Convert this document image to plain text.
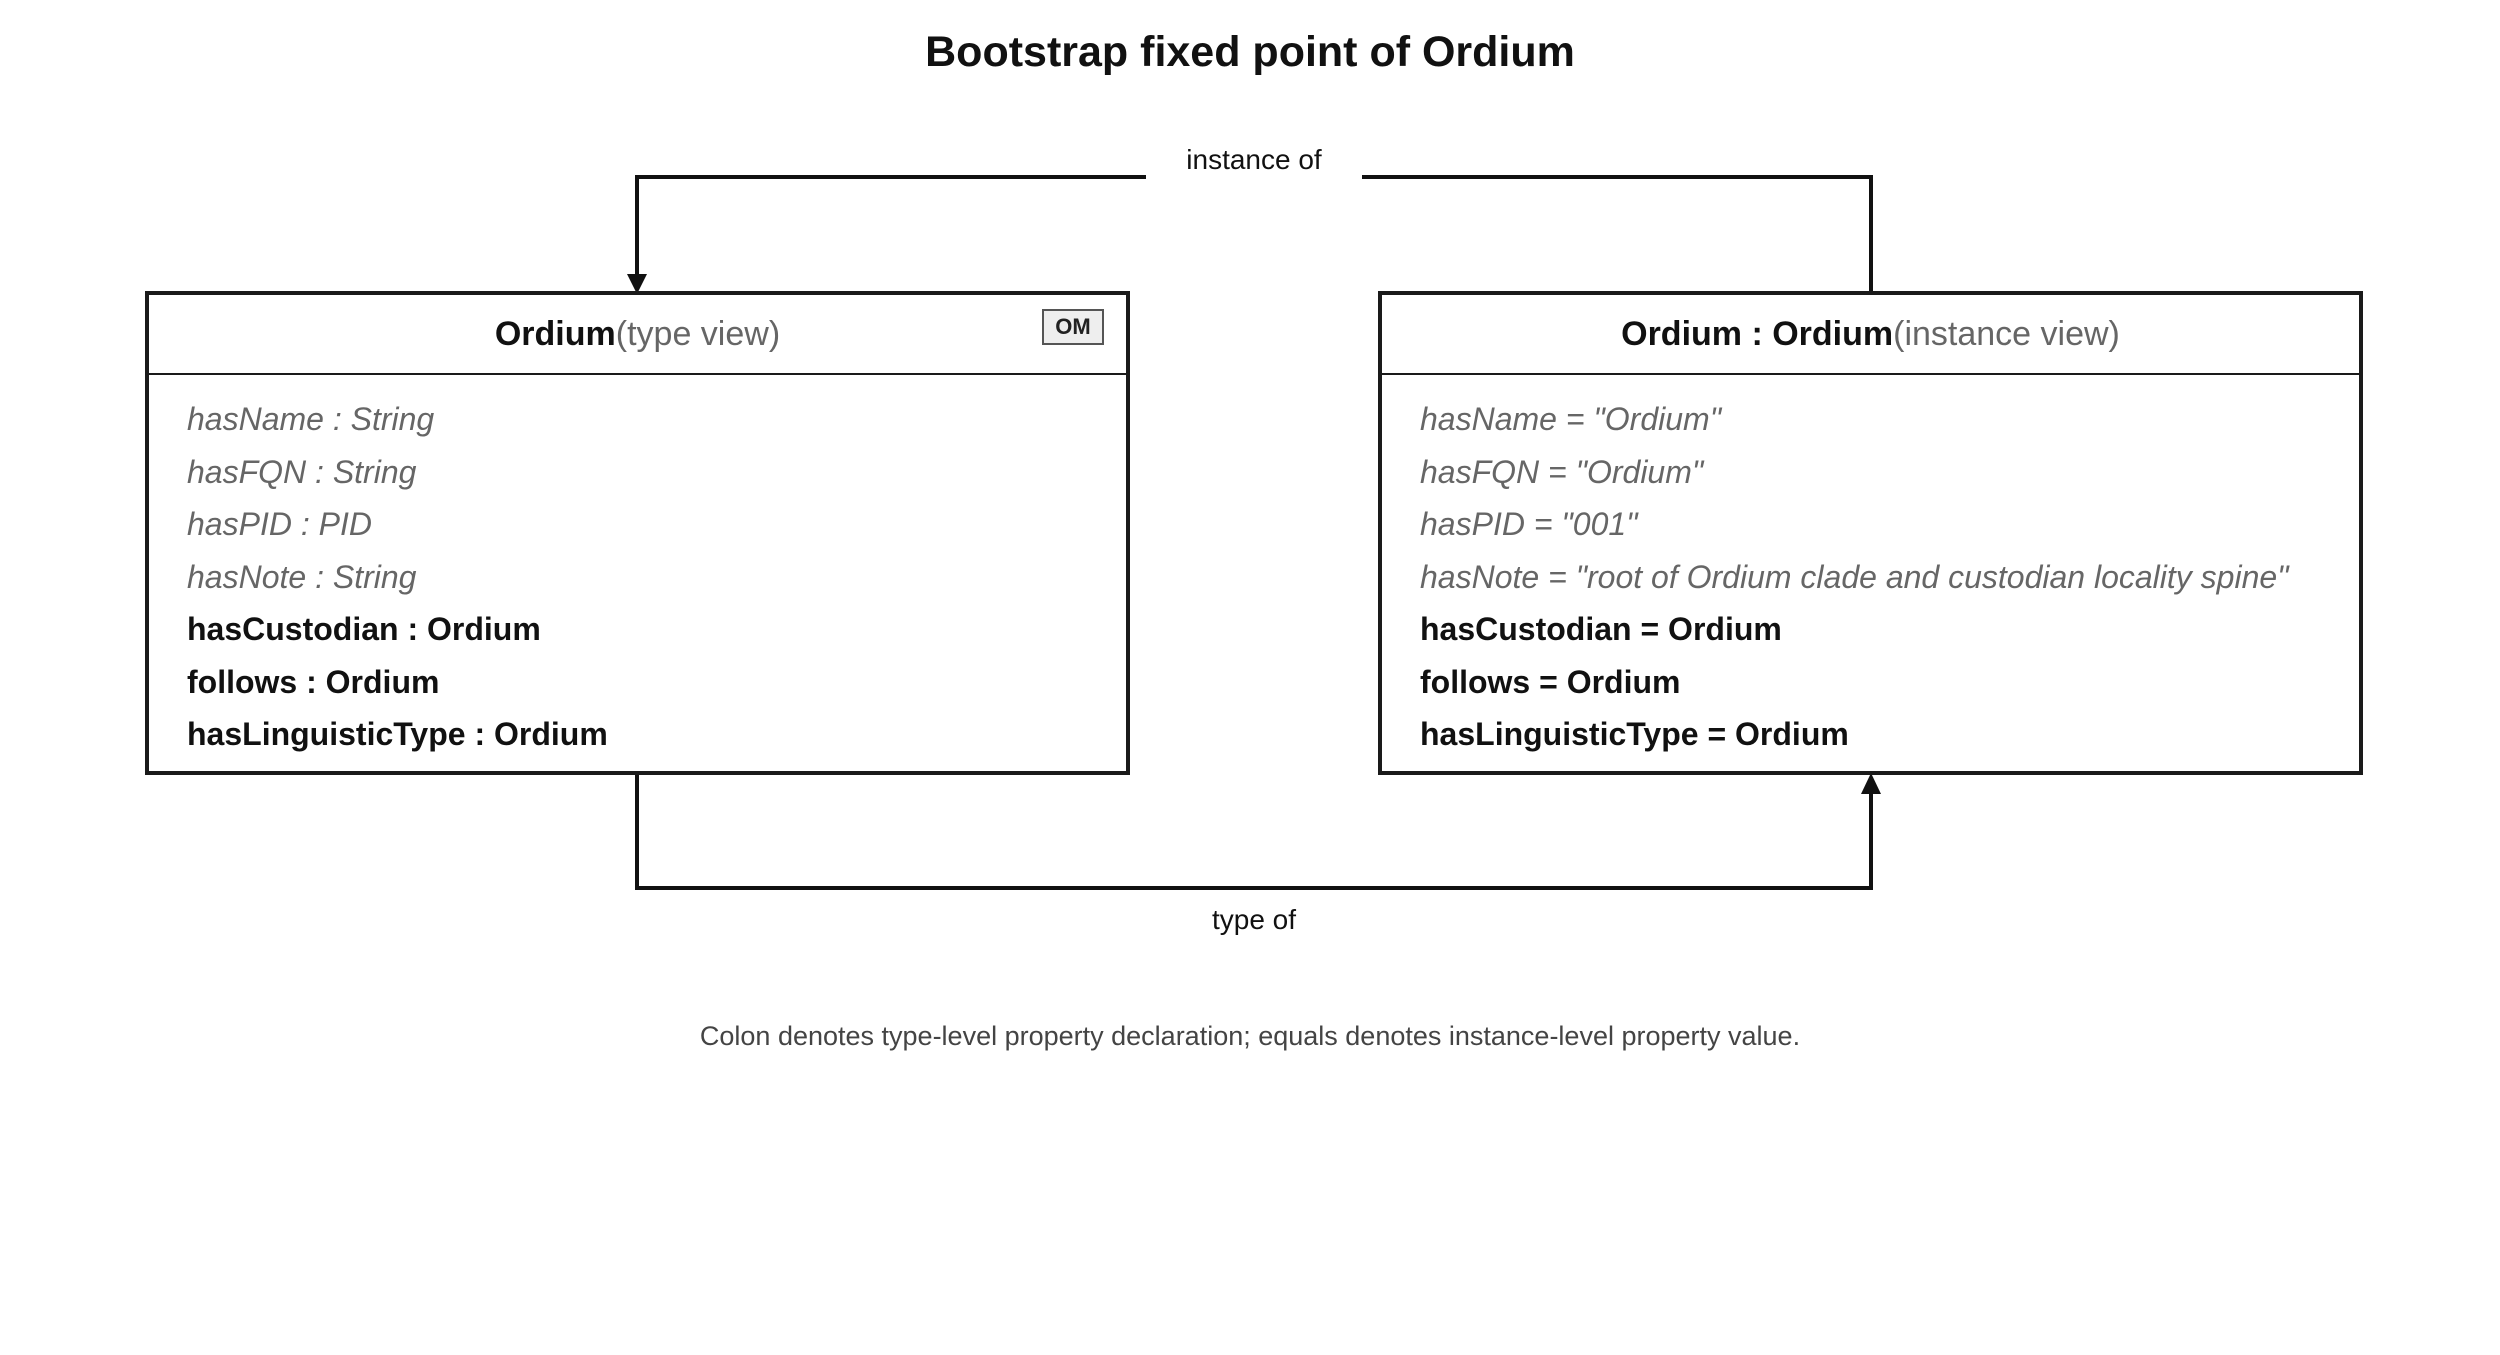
Bootstrap fixed point of Ordium
instance of
type of
Ordium (type view)	OM
hasName : String
hasFQN : String
hasPID : PID
hasNote : String
hasCustodian : Ordium
follows : Ordium
hasLinguisticType : Ordium
Ordium : Ordium (instance view)
hasName = "Ordium"
hasFQN = "Ordium"
hasPID = "001"
hasNote = "root of Ordium clade and custodian locality spine"
hasCustodian = Ordium
follows = Ordium
hasLinguisticType = Ordium
Colon denotes type-level property declaration; equals denotes instance-level property value.
